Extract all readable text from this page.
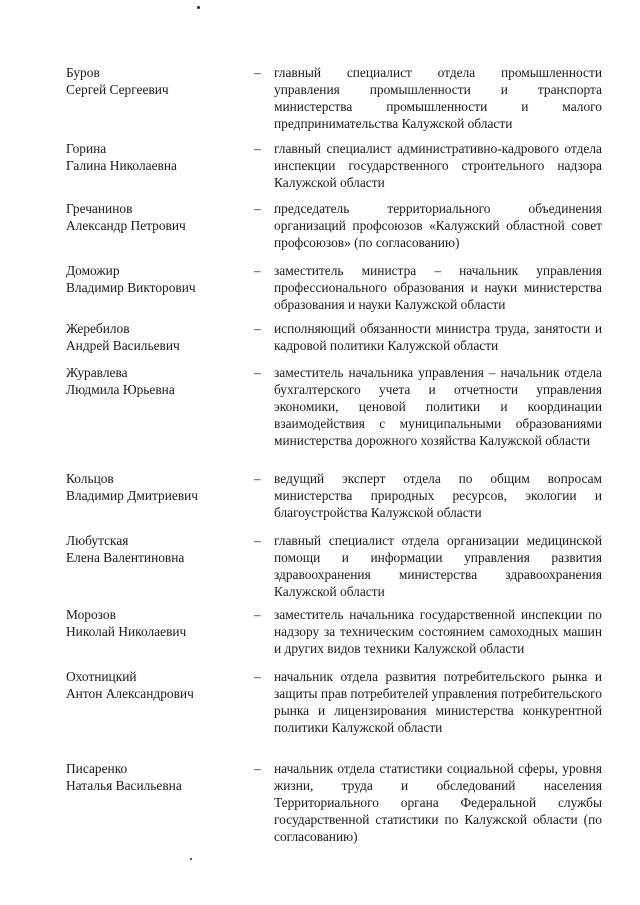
Буров
Сергей Сергеевич
– главный специалист отдела промышленности управления промышленности и транспорта министерства промышленности и малого предпринимательства Калужской области
Горина
Галина Николаевна
– главный специалист административно-кадрового отдела инспекции государственного строительного надзора Калужской области
Гречанинов
Александр Петрович
– председатель территориального объединения организаций профсоюзов «Калужский областной совет профсоюзов» (по согласованию)
Доможир
Владимир Викторович
– заместитель министра – начальник управления профессионального образования и науки министерства образования и науки Калужской области
Жеребилов
Андрей Васильевич
– исполняющий обязанности министра труда, занятости и кадровой политики Калужской области
Журавлева
Людмила Юрьевна
– заместитель начальника управления – начальник отдела бухгалтерского учета и отчетности управления экономики, ценовой политики и координации взаимодействия с муниципальными образованиями министерства дорожного хозяйства Калужской области
Кольцов
Владимир Дмитриевич
– ведущий эксперт отдела по общим вопросам министерства природных ресурсов, экологии и благоустройства Калужской области
Любутская
Елена Валентиновна
– главный специалист отдела организации медицинской помощи и информации управления развития здравоохранения министерства здравоохранения Калужской области
Морозов
Николай Николаевич
– заместитель начальника государственной инспекции по надзору за техническим состоянием самоходных машин и других видов техники Калужской области
Охотницкий
Антон Александрович
– начальник отдела развития потребительского рынка и защиты прав потребителей управления потребительского рынка и лицензирования министерства конкурентной политики Калужской области
Писаренко
Наталья Васильевна
– начальник отдела статистики социальной сферы, уровня жизни, труда и обследований населения Территориального органа Федеральной службы государственной статистики по Калужской области (по согласованию)
